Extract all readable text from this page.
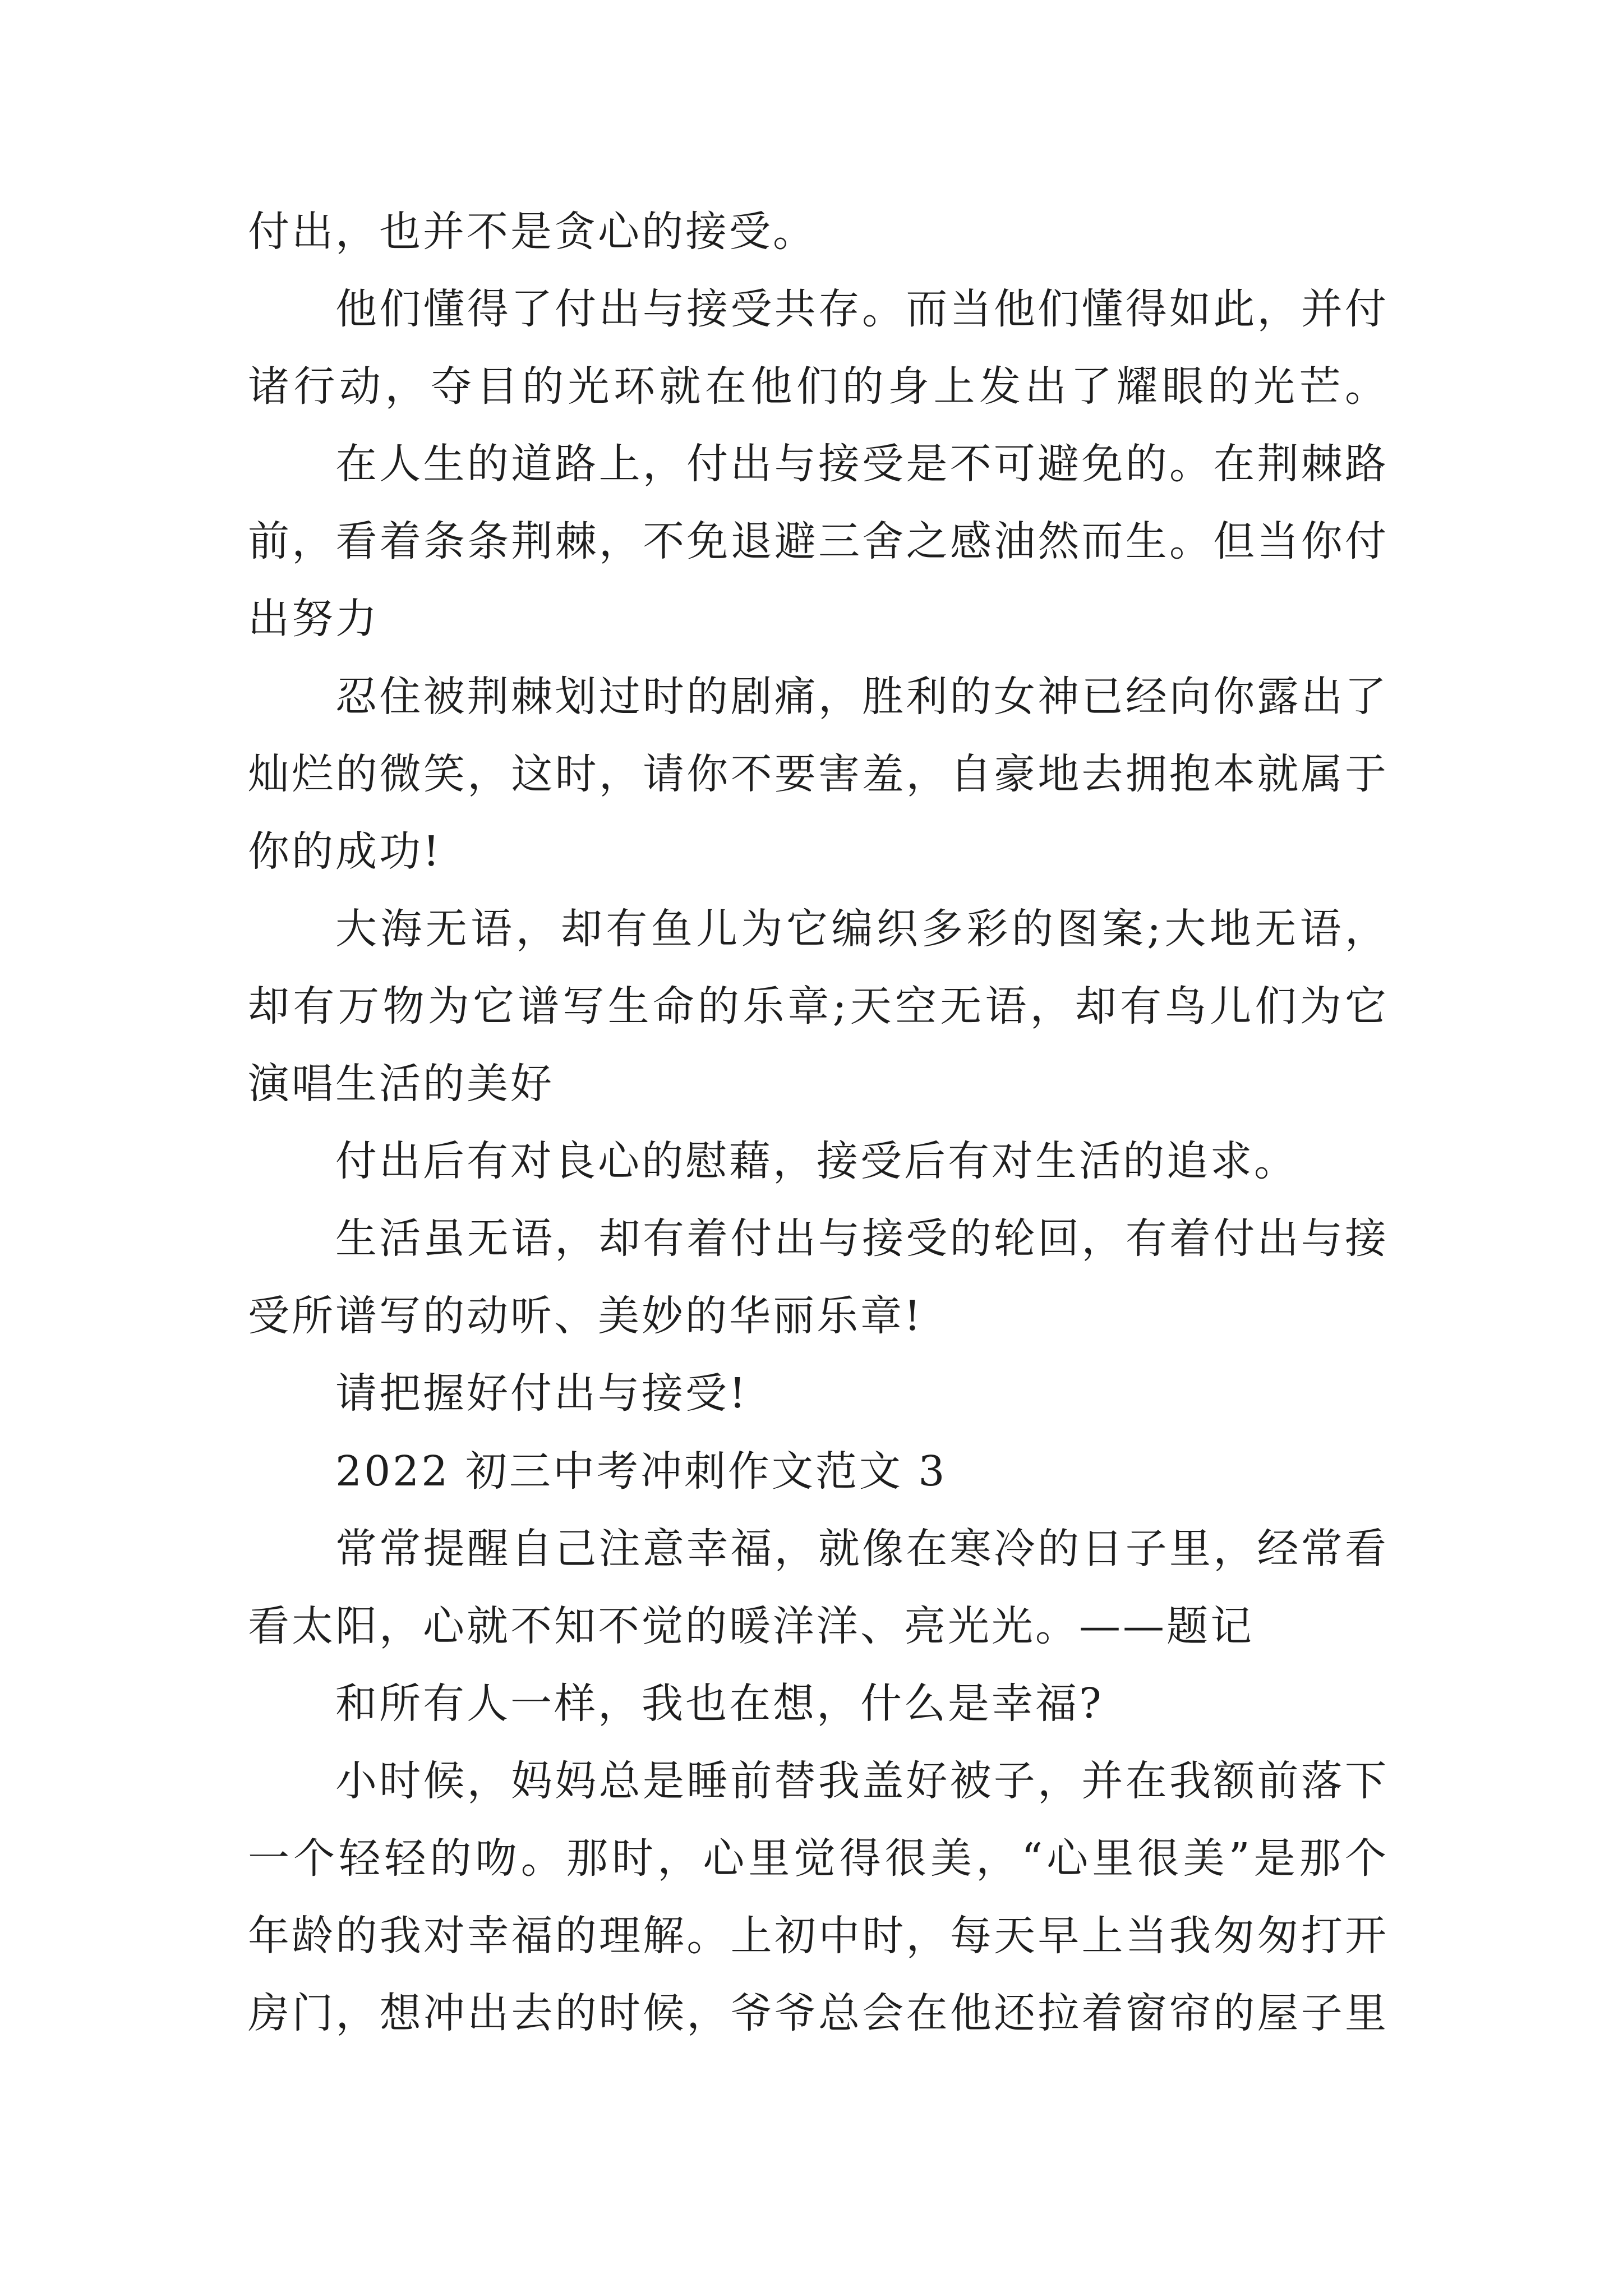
付出，也并不是贪心的接受。
他们懂得了付出与接受共存。而当他们懂得如此，并付
诸行动，夺目的光环就在他们的身上发出了耀眼的光芒。
在人生的道路上，付出与接受是不可避免的。在荆棘路
前，看着条条荆棘，不免退避三舍之感油然而生。但当你付
出努力
忍住被荆棘划过时的剧痛，胜利的女神已经向你露出了
灿烂的微笑，这时，请你不要害羞，自豪地去拥抱本就属于
你的成功!
大海无语，却有鱼儿为它编织多彩的图案;大地无语，
却有万物为它谱写生命的乐章;天空无语，却有鸟儿们为它
演唱生活的美好
付出后有对良心的慰藉，接受后有对生活的追求。
生活虽无语，却有着付出与接受的轮回，有着付出与接
受所谱写的动听、美妙的华丽乐章!
请把握好付出与接受!
2022 初三中考冲刺作文范文 3
常常提醒自己注意幸福，就像在寒冷的日子里，经常看
看太阳，心就不知不觉的暖洋洋、亮光光。——题记
和所有人一样，我也在想，什么是幸福?
小时候，妈妈总是睡前替我盖好被子，并在我额前落下
一个轻轻的吻。那时，心里觉得很美，“心里很美”是那个
年龄的我对幸福的理解。上初中时，每天早上当我匆匆打开
房门，想冲出去的时候，爷爷总会在他还拉着窗帘的屋子里
